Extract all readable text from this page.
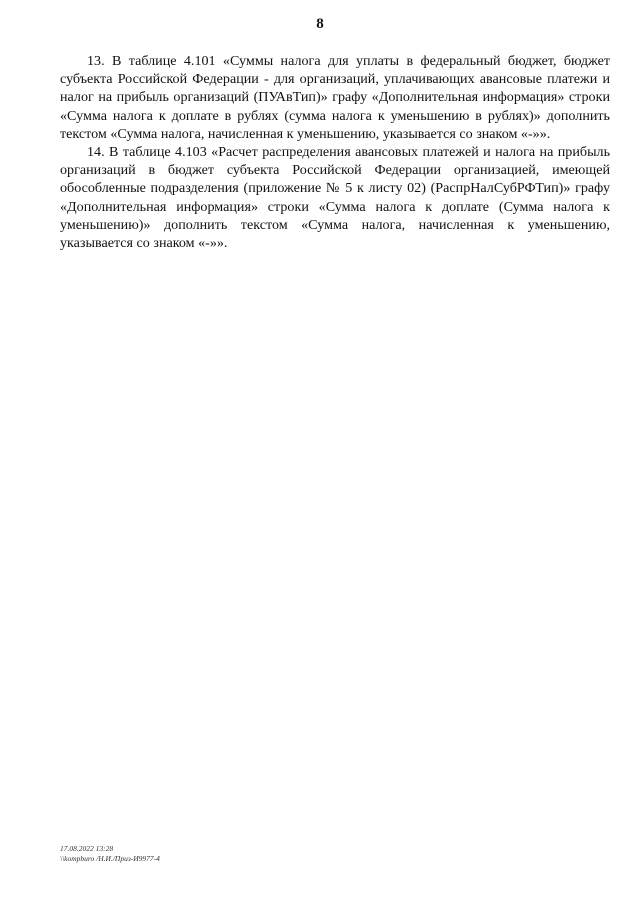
8

13. В таблице 4.101 «Суммы налога для уплаты в федеральный бюджет, бюджет субъекта Российской Федерации - для организаций, уплачивающих авансовые платежи и налог на прибыль организаций (ПУАвТип)» графу «Дополнительная информация» строки «Сумма налога к доплате в рублях (сумма налога к уменьшению в рублях)» дополнить текстом «Сумма налога, начисленная к уменьшению, указывается со знаком «-»».

14. В таблице 4.103 «Расчет распределения авансовых платежей и налога на прибыль организаций в бюджет субъекта Российской Федерации организацией, имеющей обособленные подразделения (приложение № 5 к листу 02) (РаспрНалСубРФТип)» графу «Дополнительная информация» строки «Сумма налога к доплате (Сумма налога к уменьшению)» дополнить текстом «Сумма налога, начисленная к уменьшению, указывается со знаком «-»».

17.08.2022 13:28
\\kompburo /Н.И./Приз-И9977-4
